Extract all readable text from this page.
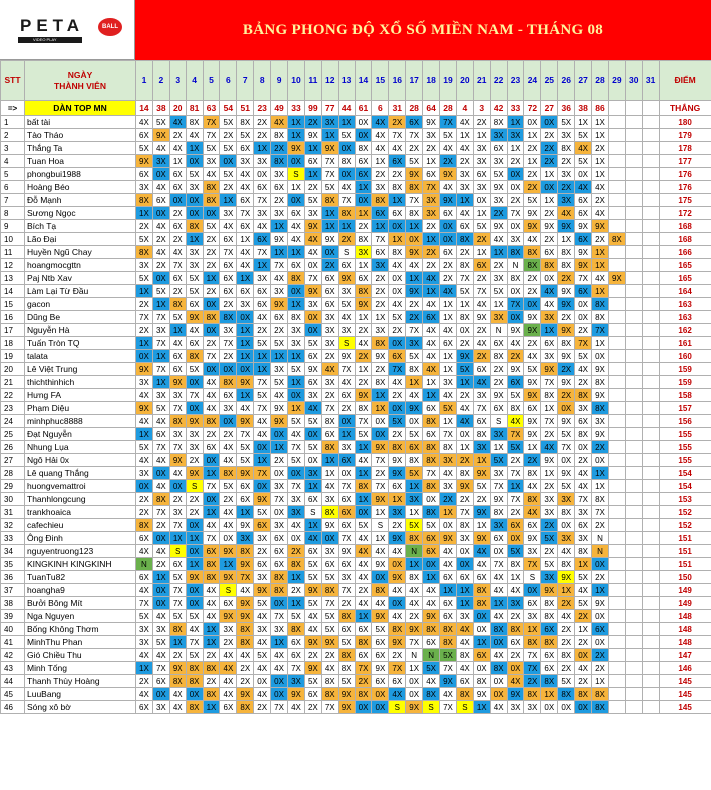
PETA	BALL
VIDEO PLAY
BẢNG PHONG ĐỘ XỔ SỐ MIỀN NAM - THÁNG 08
STT	NGÀY
THÀNH VIÊN	1	2	3	4	5	6	7	8	9	10	11	12	13	14	15	16	17	18	19	20	21	22	23	24	25	26	27	28	29	30	31	ĐIỂM
=>	DÀN TOP MN	14	38	20	81	63	54	51	23	49	33	99	77	44	61	6	31	28	64	28	4	3	42	33	72	27	36	38	86				THẮNG
1	bất tài	4X	5X	4X	8X	7X	5X	8X	2X	4X	1X	2X	3X	1X	0X	4X	2X	6X	9X	7X	4X	2X	8X	1X	0X	0X	5X	1X	1X				180
2	Tào Tháo	6X	9X	2X	4X	7X	2X	5X	2X	8X	1X	9X	1X	5X	0X	4X	7X	7X	3X	5X	1X	1X	3X	3X	1X	2X	3X	5X	1X				179
3	Thắng Ta	5X	4X	4X	1X	5X	5X	6X	1X	2X	9X	1X	9X	0X	8X	4X	4X	2X	2X	4X	4X	3X	6X	1X	2X	2X	8X	4X	2X				178
4	Tuan Hoa	9X	3X	1X	0X	3X	0X	3X	3X	8X	0X	6X	7X	8X	6X	1X	6X	5X	1X	2X	2X	3X	3X	2X	1X	2X	2X	5X	1X				177
5	phongbui1988	6X	0X	6X	5X	4X	5X	4X	0X	3X	S	1X	7X	0X	6X	2X	2X	9X	6X	9X	3X	6X	5X	0X	2X	1X	3X	0X	1X				176
6	Hoàng Béo	3X	4X	6X	3X	8X	2X	4X	6X	6X	1X	2X	5X	4X	1X	3X	8X	8X	7X	4X	3X	3X	9X	0X	2X	0X	2X	4X	4X				176
7	Đỗ Mạnh	8X	6X	0X	0X	8X	1X	6X	7X	2X	0X	5X	8X	7X	0X	8X	1X	7X	3X	9X	1X	0X	3X	2X	5X	1X	3X	6X	2X				175
8	Sương Ngọc	1X	0X	2X	0X	0X	3X	7X	3X	3X	6X	3X	1X	8X	1X	6X	6X	8X	3X	6X	4X	1X	2X	7X	9X	2X	4X	6X	4X				172
9	Bích Tạ	2X	4X	6X	8X	5X	4X	6X	4X	1X	4X	9X	1X	1X	2X	1X	0X	1X	2X	0X	6X	5X	9X	0X	9X	9X	9X	9X	9X				168
10	Lão Đại	5X	2X	2X	1X	2X	6X	1X	6X	9X	4X	4X	9X	2X	8X	7X	1X	0X	1X	0X	8X	2X	4X	3X	4X	2X	1X	6X	2X	8X			168
11	Huyền Ngũ Chay	8X	4X	4X	3X	2X	7X	4X	7X	1X	1X	4X	0X	S	3X	6X	8X	9X	2X	6X	2X	1X	1X	8X	8X	6X	8X	9X	1X				166
12	hoangmocgttn	3X	2X	7X	3X	2X	6X	4X	1X	7X	6X	0X	2X	6X	1X	3X	4X	4X	2X	2X	8X	6X	2X	N	8X	8X	8X	9X	1X				165
13	Paj Ntb Xav	5X	0X	6X	5X	1X	6X	1X	3X	4X	8X	7X	6X	9X	6X	2X	0X	1X	4X	2X	7X	2X	3X	8X	2X	0X	2X	7X	4X	9X			165
14	Làm Lại Từ Đầu	1X	5X	2X	5X	2X	6X	6X	6X	3X	0X	9X	6X	3X	8X	2X	0X	9X	1X	4X	5X	7X	5X	0X	2X	4X	9X	6X	1X				164
15	gacon	2X	1X	8X	6X	0X	2X	3X	6X	9X	1X	3X	6X	5X	9X	2X	4X	2X	4X	1X	1X	4X	1X	7X	0X	4X	9X	0X	8X				163
16	Dũng Be	7X	7X	5X	9X	8X	8X	0X	4X	6X	8X	0X	3X	4X	1X	1X	5X	2X	6X	1X	8X	9X	3X	0X	9X	3X	2X	0X	8X				163
17	Nguyễn Hà	2X	3X	1X	4X	0X	3X	1X	2X	2X	3X	0X	3X	3X	2X	3X	2X	7X	4X	4X	0X	2X	N	9X	9X	1X	9X	2X	7X				162
18	Tuấn Tròn TQ	1X	7X	4X	6X	2X	7X	1X	5X	5X	3X	5X	3X	S	4X	8X	0X	3X	4X	6X	2X	4X	6X	4X	2X	6X	8X	7X	1X				161
19	talata	0X	1X	6X	8X	7X	2X	1X	1X	1X	1X	6X	2X	9X	2X	9X	6X	5X	4X	1X	9X	2X	8X	2X	4X	3X	9X	5X	0X				160
20	Lê Việt Trung	9X	7X	6X	5X	0X	0X	0X	1X	3X	5X	9X	4X	7X	1X	2X	7X	8X	4X	1X	5X	6X	2X	9X	5X	9X	2X	4X	9X				159
21	thichthinhich	3X	1X	9X	0X	4X	8X	9X	7X	5X	1X	6X	3X	4X	2X	8X	4X	1X	1X	3X	1X	4X	2X	6X	9X	7X	9X	2X	8X				159
22	Hưng FA	4X	3X	3X	7X	4X	6X	1X	5X	4X	0X	3X	2X	6X	9X	1X	2X	4X	1X	4X	2X	3X	9X	5X	9X	8X	2X	8X	9X				158
23	Phạm Diệu	9X	5X	7X	0X	4X	3X	4X	7X	9X	1X	4X	7X	2X	8X	1X	0X	9X	6X	5X	4X	7X	6X	8X	6X	1X	0X	3X	8X				157
24	minhphuc8888	4X	4X	8X	9X	8X	0X	9X	4X	9X	5X	5X	8X	0X	7X	0X	5X	0X	8X	1X	4X	6X	S	4X	9X	7X	9X	6X	3X				156
25	Đạt Nguyễn	1X	6X	3X	3X	2X	2X	7X	4X	0X	4X	0X	6X	1X	5X	0X	2X	5X	6X	7X	0X	8X	3X	7X	9X	2X	5X	8X	9X				155
26	Nhung Lụa	5X	7X	7X	3X	6X	4X	5X	0X	1X	7X	5X	8X	3X	1X	9X	8X	6X	8X	8X	1X	3X	1X	5X	1X	4X	7X	0X	2X				155
27	Ngô Hải 0x	4X	4X	9X	2X	0X	4X	5X	1X	2X	5X	0X	1X	6X	4X	7X	9X	8X	8X	3X	2X	1X	5X	2X	2X	9X	0X	2X	0X				155
28	Lê quang Thắng	3X	0X	4X	9X	1X	8X	9X	7X	0X	0X	3X	1X	0X	1X	2X	9X	5X	7X	4X	8X	9X	3X	7X	8X	1X	9X	4X	1X				154
29	huongvemattroi	0X	4X	0X	S	7X	5X	6X	0X	3X	7X	1X	4X	7X	8X	7X	6X	1X	8X	3X	9X	5X	7X	1X	4X	2X	5X	4X	1X				154
30	Thanhlongcung	2X	8X	2X	2X	0X	2X	6X	9X	7X	3X	6X	3X	6X	1X	9X	1X	3X	0X	2X	2X	2X	9X	7X	8X	3X	3X	7X	8X				153
31	trankhoaica	2X	7X	3X	2X	1X	4X	1X	5X	0X	3X	S	8X	6X	0X	1X	3X	1X	8X	1X	7X	9X	8X	2X	4X	3X	8X	3X	7X				152
32	cafechieu	8X	2X	7X	0X	4X	4X	9X	6X	3X	4X	1X	9X	6X	5X	S	2X	5X	5X	0X	8X	1X	3X	6X	6X	2X	0X	6X	2X				152
33	Ông Đinh	6X	0X	1X	1X	7X	0X	3X	3X	6X	0X	4X	0X	7X	4X	1X	9X	8X	6X	9X	3X	9X	6X	0X	9X	5X	3X	3X	N				151
34	nguyentruong123	4X	4X	S	0X	6X	9X	8X	2X	6X	2X	6X	3X	9X	4X	4X	4X	N	6X	4X	0X	4X	0X	5X	3X	2X	4X	8X	N				151
35	KINGKINH KINGKINH	N	2X	6X	1X	8X	1X	9X	6X	6X	8X	5X	6X	6X	4X	9X	0X	1X	0X	4X	0X	4X	7X	8X	7X	5X	8X	1X	0X				151
36	TuanTu82	6X	1X	5X	9X	8X	9X	7X	3X	8X	1X	5X	5X	3X	4X	0X	9X	8X	1X	6X	6X	6X	4X	1X	S	3X	9X	5X	2X				150
37	hoangha9	4X	0X	7X	0X	4X	S	4X	9X	8X	2X	9X	8X	7X	2X	8X	4X	4X	4X	1X	1X	8X	4X	4X	0X	9X	1X	4X	1X				149
38	Bưởi Bông Mít	7X	0X	7X	0X	4X	6X	9X	5X	0X	1X	5X	7X	2X	4X	4X	0X	4X	4X	6X	1X	8X	1X	3X	6X	8X	2X	5X	9X				149
39	Nga Nguyen	5X	4X	5X	5X	4X	9X	9X	4X	7X	5X	4X	5X	8X	1X	9X	4X	2X	9X	6X	3X	0X	4X	2X	3X	8X	4X	2X	0X				148
40	Bống Không Thơm	3X	3X	8X	4X	1X	3X	8X	3X	3X	8X	4X	5X	6X	6X	5X	8X	9X	8X	8X	4X	0X	8X	8X	1X	6X	2X	1X	6X				148
41	MinhThu Phan	3X	5X	1X	7X	1X	2X	8X	4X	1X	6X	9X	9X	5X	8X	6X	9X	7X	6X	8X	4X	1X	0X	6X	8X	8X	2X	2X	0X				148
42	Gió Chiều Thu	4X	4X	2X	5X	2X	4X	4X	5X	4X	6X	2X	2X	8X	6X	6X	2X	N	N	5X	8X	6X	4X	2X	7X	6X	8X	0X	2X				147
43	Minh Tống	1X	7X	9X	8X	8X	4X	2X	4X	4X	7X	9X	4X	8X	7X	9X	7X	1X	5X	7X	4X	0X	8X	0X	7X	6X	2X	4X	2X				146
44	Thanh Thùy Hoàng	2X	6X	8X	8X	2X	4X	2X	0X	0X	3X	5X	8X	5X	2X	6X	6X	0X	4X	9X	6X	8X	0X	4X	2X	8X	5X	2X	1X				145
45	LuuBang	4X	0X	4X	0X	8X	4X	9X	4X	0X	9X	6X	8X	9X	8X	0X	4X	0X	8X	4X	8X	9X	0X	9X	8X	1X	8X	8X	8X				145
46	Sóng xô bờ	6X	3X	4X	8X	1X	6X	8X	2X	7X	4X	2X	7X	9X	0X	0X	S	9X	S	7X	S	1X	4X	3X	3X	0X	0X	0X	8X				145
